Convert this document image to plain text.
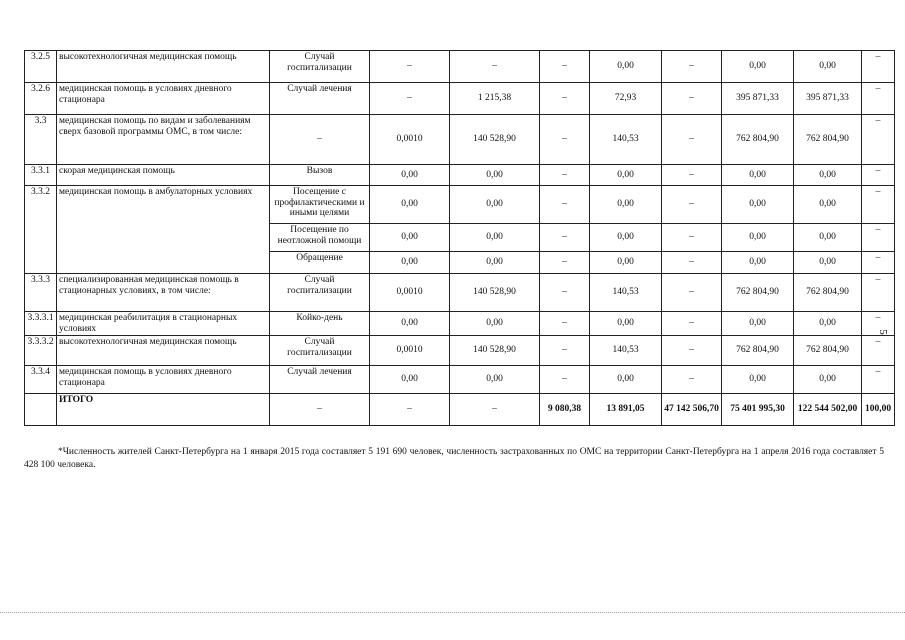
3.2.5	высокотехнологичная медицинская помощь	Случай госпитализации	–	–	–	0,00	–	0,00	0,00	–
3.2.6	медицинская помощь в условиях дневного стационара	Случай лечения	–	1 215,38	–	72,93	–	395 871,33	395 871,33	–
3.3	медицинская помощь по видам и заболеваниям сверх базовой программы ОМС, в том числе:	–	0,0010	140 528,90	–	140,53	–	762 804,90	762 804,90	–
3.3.1	скорая медицинская помощь	Вызов	0,00	0,00	–	0,00	–	0,00	0,00	–
3.3.2	медицинская помощь в амбулаторных условиях	Посещение с профилактическими и иными целями	0,00	0,00	–	0,00	–	0,00	0,00	–
		Посещение по неотложной помощи	0,00	0,00	–	0,00	–	0,00	0,00	–
		Обращение	0,00	0,00	–	0,00	–	0,00	0,00	–
3.3.3	специализированная медицинская помощь в стационарных условиях, в том числе:	Случай госпитализации	0,0010	140 528,90	–	140,53	–	762 804,90	762 804,90	–
3.3.3.1	медицинская реабилитация в стационарных условиях	Койко-день	0,00	0,00	–	0,00	–	0,00	0,00	–
3.3.3.2	высокотехнологичная медицинская помощь	Случай госпитализации	0,0010	140 528,90	–	140,53	–	762 804,90	762 804,90	–
3.3.4	медицинская помощь в условиях дневного стационара	Случай лечения	0,00	0,00	–	0,00	–	0,00	0,00	–
	ИТОГО	–	–	–	9 080,38	13 891,05	47 142 506,70	75 401 995,30	122 544 502,00	100,00
*Численность жителей Санкт-Петербурга на 1 января 2015 года составляет 5 191 690 человек, численность застрахованных по ОМС на территории Санкт-Петербурга на 1 апреля 2016 года составляет 5 428 100 человека.
5
